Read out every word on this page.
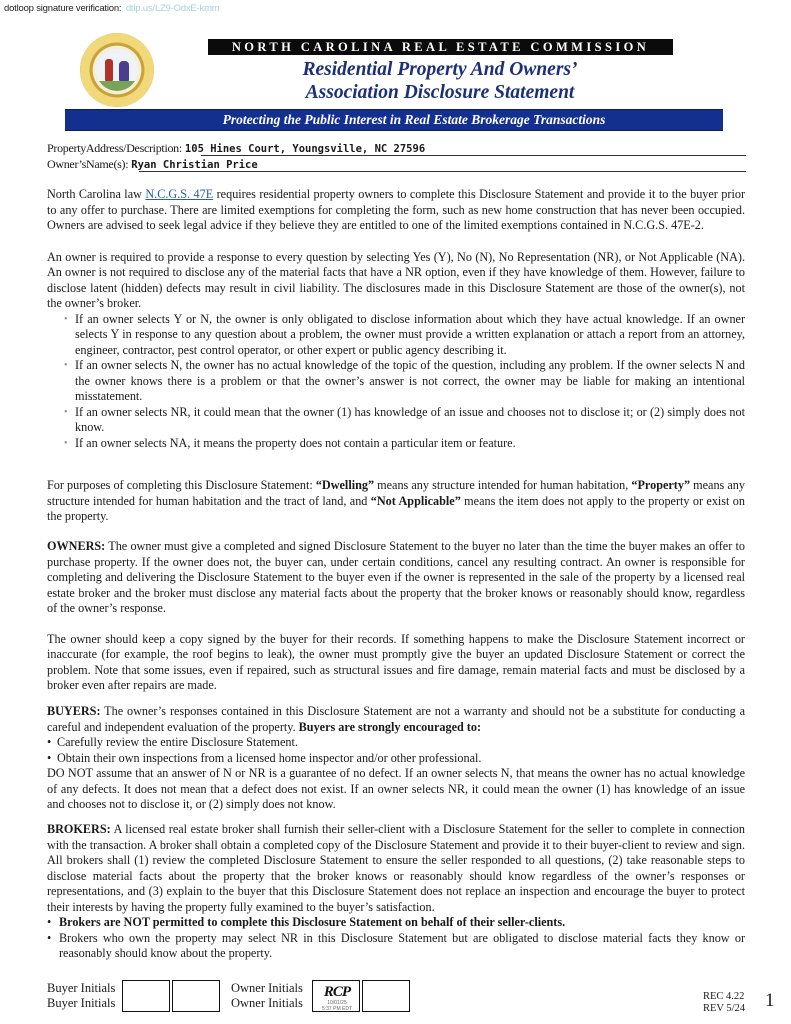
dotloop signature verification: dtlp.us/LZ9-OdxE-kmm
NORTH CAROLINA REAL ESTATE COMMISSION
Residential Property And Owners’
Association Disclosure Statement
Protecting the Public Interest in Real Estate Brokerage Transactions
PropertyAddress/Description: 105 Hines Court, Youngsville, NC 27596
Owner’sName(s): Ryan Christian Price

North Carolina law N.C.G.S. 47E requires residential property owners to complete this Disclosure Statement and provide it to the buyer prior to any offer to purchase. There are limited exemptions for completing the form, such as new home construction that has never been occupied. Owners are advised to seek legal advice if they believe they are entitled to one of the limited exemptions contained in N.C.G.S. 47E-2.

An owner is required to provide a response to every question by selecting Yes (Y), No (N), No Representation (NR), or Not Applicable (NA). An owner is not required to disclose any of the material facts that have a NR option, even if they have knowledge of them. However, failure to disclose latent (hidden) defects may result in civil liability. The disclosures made in this Disclosure Statement are those of the owner(s), not the owner’s broker.

• If an owner selects Y or N, the owner is only obligated to disclose information about which they have actual knowledge. If an owner selects Y in response to any question about a problem, the owner must provide a written explanation or attach a report from an attorney, engineer, contractor, pest control operator, or other expert or public agency describing it.
• If an owner selects N, the owner has no actual knowledge of the topic of the question, including any problem. If the owner selects N and the owner knows there is a problem or that the owner’s answer is not correct, the owner may be liable for making an intentional misstatement.
• If an owner selects NR, it could mean that the owner (1) has knowledge of an issue and chooses not to disclose it; or (2) simply does not know.
• If an owner selects NA, it means the property does not contain a particular item or feature.

For purposes of completing this Disclosure Statement: “Dwelling” means any structure intended for human habitation, “Property” means any structure intended for human habitation and the tract of land, and “Not Applicable” means the item does not apply to the property or exist on the property.

OWNERS: The owner must give a completed and signed Disclosure Statement to the buyer no later than the time the buyer makes an offer to purchase property. If the owner does not, the buyer can, under certain conditions, cancel any resulting contract. An owner is responsible for completing and delivering the Disclosure Statement to the buyer even if the owner is represented in the sale of the property by a licensed real estate broker and the broker must disclose any material facts about the property that the broker knows or reasonably should know, regardless of the owner’s response.

The owner should keep a copy signed by the buyer for their records. If something happens to make the Disclosure Statement incorrect or inaccurate (for example, the roof begins to leak), the owner must promptly give the buyer an updated Disclosure Statement or correct the problem. Note that some issues, even if repaired, such as structural issues and fire damage, remain material facts and must be disclosed by a broker even after repairs are made.

BUYERS: The owner’s responses contained in this Disclosure Statement are not a warranty and should not be a substitute for conducting a careful and independent evaluation of the property. Buyers are strongly encouraged to:

• Carefully review the entire Disclosure Statement.
• Obtain their own inspections from a licensed home inspector and/or other professional.

DO NOT assume that an answer of N or NR is a guarantee of no defect. If an owner selects N, that means the owner has no actual knowledge of any defects. It does not mean that a defect does not exist. If an owner selects NR, it could mean the owner (1) has knowledge of an issue and chooses not to disclose it, or (2) simply does not know.

BROKERS: A licensed real estate broker shall furnish their seller-client with a Disclosure Statement for the seller to complete in connection with the transaction. A broker shall obtain a completed copy of the Disclosure Statement and provide it to their buyer-client to review and sign. All brokers shall (1) review the completed Disclosure Statement to ensure the seller responded to all questions, (2) take reasonable steps to disclose material facts about the property that the broker knows or reasonably should know regardless of the owner’s responses or representations, and (3) explain to the buyer that this Disclosure Statement does not replace an inspection and encourage the buyer to protect their interests by having the property fully examined to the buyer’s satisfaction.

• Brokers are NOT permitted to complete this Disclosure Statement on behalf of their seller-clients.
• Brokers who own the property may select NR in this Disclosure Statement but are obligated to disclose material facts they know or reasonably should know about the property.
Buyer Initials
Buyer Initials
Owner Initials
Owner Initials
RCP
10/01/25
5:37 PM EDT
REC 4.22
REV 5/24 1
